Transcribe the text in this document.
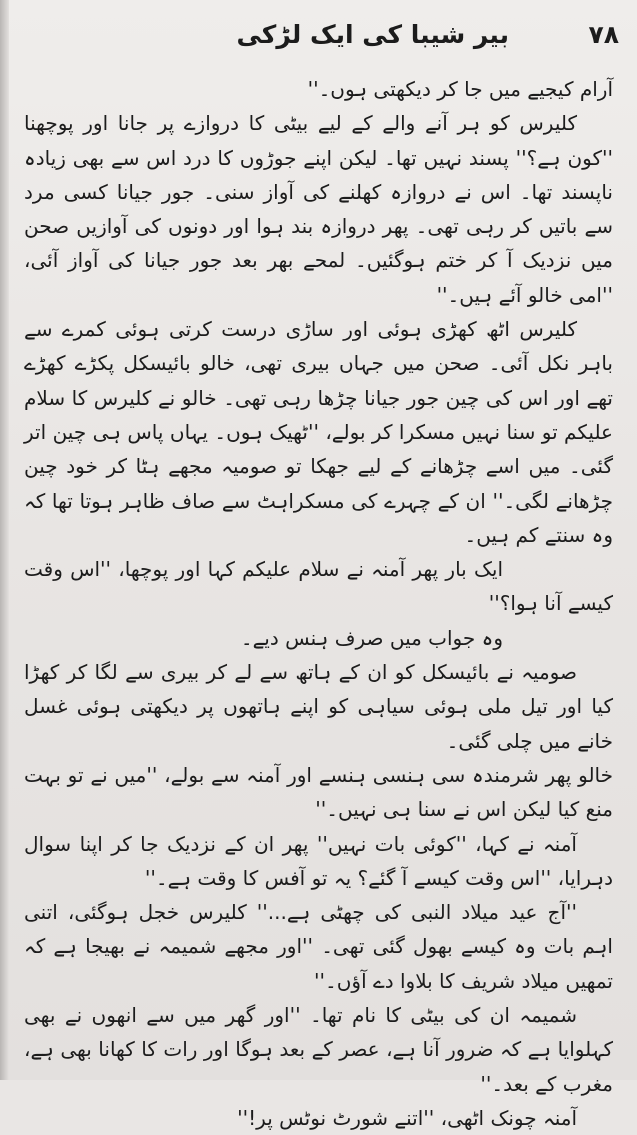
بیر شیبا کی ایک لڑکی	۷۸

آرام کیجیے میں جا کر دیکھتی ہوں۔''

کلیرس کو ہر آنے والے کے لیے بیٹی کا دروازے پر جانا اور پوچھنا ''کون ہے؟'' پسند نہیں تھا۔ لیکن اپنے جوڑوں کا درد اس سے بھی زیادہ ناپسند تھا۔ اس نے دروازہ کھلنے کی آواز سنی۔ جور جیانا کسی مرد سے باتیں کر رہی تھی۔ پھر دروازہ بند ہوا اور دونوں کی آوازیں صحن میں نزدیک آ کر ختم ہوگئیں۔ لمحے بھر بعد جور جیانا کی آواز آئی، ''امی خالو آئے ہیں۔''

کلیرس اٹھ کھڑی ہوئی اور ساڑی درست کرتی ہوئی کمرے سے باہر نکل آئی۔ صحن میں جہاں بیری تھی، خالو بائیسکل پکڑے کھڑے تھے اور اس کی چین جور جیانا چڑھا رہی تھی۔ خالو نے کلیرس کا سلام علیکم تو سنا نہیں مسکرا کر بولے، ''ٹھیک ہوں۔ یہاں پاس ہی چین اتر گئی۔ میں اسے چڑھانے کے لیے جھکا تو صومیہ مجھے ہٹا کر خود چین چڑھانے لگی۔'' ان کے چہرے کی مسکراہٹ سے صاف ظاہر ہوتا تھا کہ وہ سنتے کم ہیں۔

ایک بار پھر آمنہ نے سلام علیکم کہا اور پوچھا، ''اس وقت کیسے آنا ہوا؟''

وہ جواب میں صرف ہنس دیے۔

صومیہ نے بائیسکل کو ان کے ہاتھ سے لے کر بیری سے لگا کر کھڑا کیا اور تیل ملی ہوئی سیاہی کو اپنے ہاتھوں پر دیکھتی ہوئی غسل خانے میں چلی گئی۔

خالو پھر شرمندہ سی ہنسی ہنسے اور آمنہ سے بولے، ''میں نے تو بہت منع کیا لیکن اس نے سنا ہی نہیں۔''

آمنہ نے کہا، ''کوئی بات نہیں'' پھر ان کے نزدیک جا کر اپنا سوال دہرایا، ''اس وقت کیسے آ گئے؟ یہ تو آفس کا وقت ہے۔''

''آج عید میلاد النبی کی چھٹی ہے...'' کلیرس خجل ہوگئی، اتنی اہم بات وہ کیسے بھول گئی تھی۔ ''اور مجھے شمیمہ نے بھیجا ہے کہ تمھیں میلاد شریف کا بلاوا دے آؤں۔''

شمیمہ ان کی بیٹی کا نام تھا۔ ''اور گھر میں سے انھوں نے بھی کہلوایا ہے کہ ضرور آنا ہے، عصر کے بعد ہوگا اور رات کا کھانا بھی ہے، مغرب کے بعد۔''

آمنہ چونک اٹھی، ''اتنے شورٹ نوٹس پر!''
